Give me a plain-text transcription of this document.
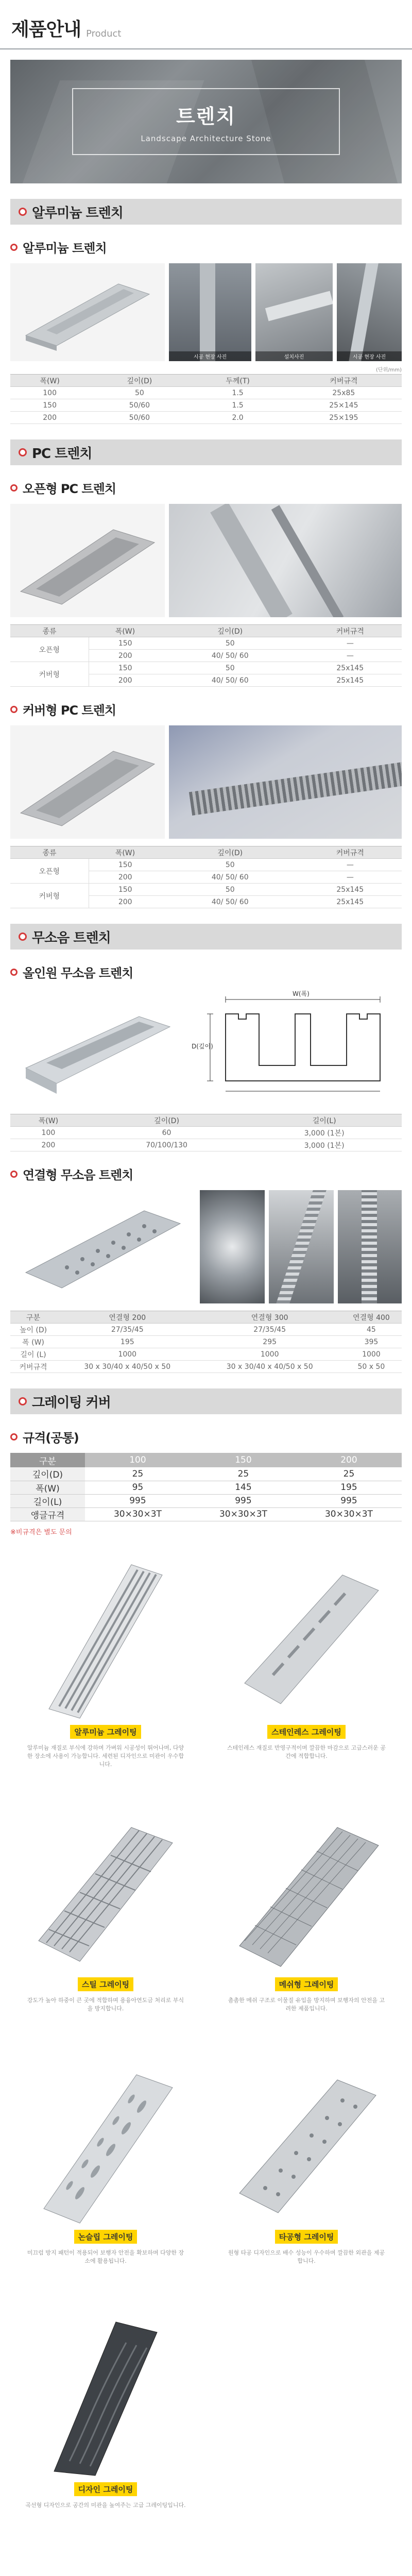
제품안내 Product
트렌치
Landscape Architecture Stone
알루미늄 트렌치
알루미늄 트렌치
시공 현장 사진	설치사진	시공 현장 사진
(단위/mm)
폭(W)	깊이(D)	두께(T)	커버규격
100	50	1.5	25x85
150	50/60	1.5	25×145
200	50/60	2.0	25×195
PC 트렌치
오픈형 PC 트렌치
종류	폭(W)	깊이(D)	커버규격
오픈형	150	50	—
	200	40/ 50/ 60	—
커버형	150	50	25x145
	200	40/ 50/ 60	25x145
커버형 PC 트렌치
종류	폭(W)	깊이(D)	커버규격
오픈형	150	50	—
	200	40/ 50/ 60	—
커버형	150	50	25x145
	200	40/ 50/ 60	25x145
무소음 트렌치
올인원 무소음 트렌치
W(폭)
D(깊이)
폭(W)	깊이(D)	길이(L)
100	60	3,000 (1본)
200	70/100/130	3,000 (1본)
연결형 무소음 트렌치
구분	연결형 200	연결형 300	연결형 400
높이 (D)	27/35/45	27/35/45	45
폭 (W)	195	295	395
길이 (L)	1000	1000	1000
커버규격	30 x 30/40 x 40/50 x 50	30 x 30/40 x 40/50 x 50	50 x 50
그레이팅 커버
규격(공통)
구분	100	150	200
깊이(D)	25	25	25
폭(W)	95	145	195
길이(L)	995	995	995
앵글규격	30×30×3T	30×30×3T	30×30×3T
※비규격은 별도 문의
알루미늄 그레이팅
알루미늄 재질로 부식에 강하며 가벼워 시공성이 뛰어나며, 다양한 장소에 사용이 가능합니다. 세련된 디자인으로 미관이 우수합니다.
스테인레스 그레이팅
스테인레스 재질로 반영구적이며 깔끔한 마감으로 고급스러운 공간에 적합합니다.
스틸 그레이팅
강도가 높아 하중이 큰 곳에 적합하며 용융아연도금 처리로 부식을 방지합니다.
메쉬형 그레이팅
촘촘한 메쉬 구조로 이물질 유입을 방지하며 보행자의 안전을 고려한 제품입니다.
논슬립 그레이팅
미끄럼 방지 패턴이 적용되어 보행자 안전을 확보하며 다양한 장소에 활용됩니다.
타공형 그레이팅
원형 타공 디자인으로 배수 성능이 우수하며 깔끔한 외관을 제공합니다.
디자인 그레이팅
곡선형 디자인으로 공간의 미관을 높여주는 고급 그레이팅입니다.
